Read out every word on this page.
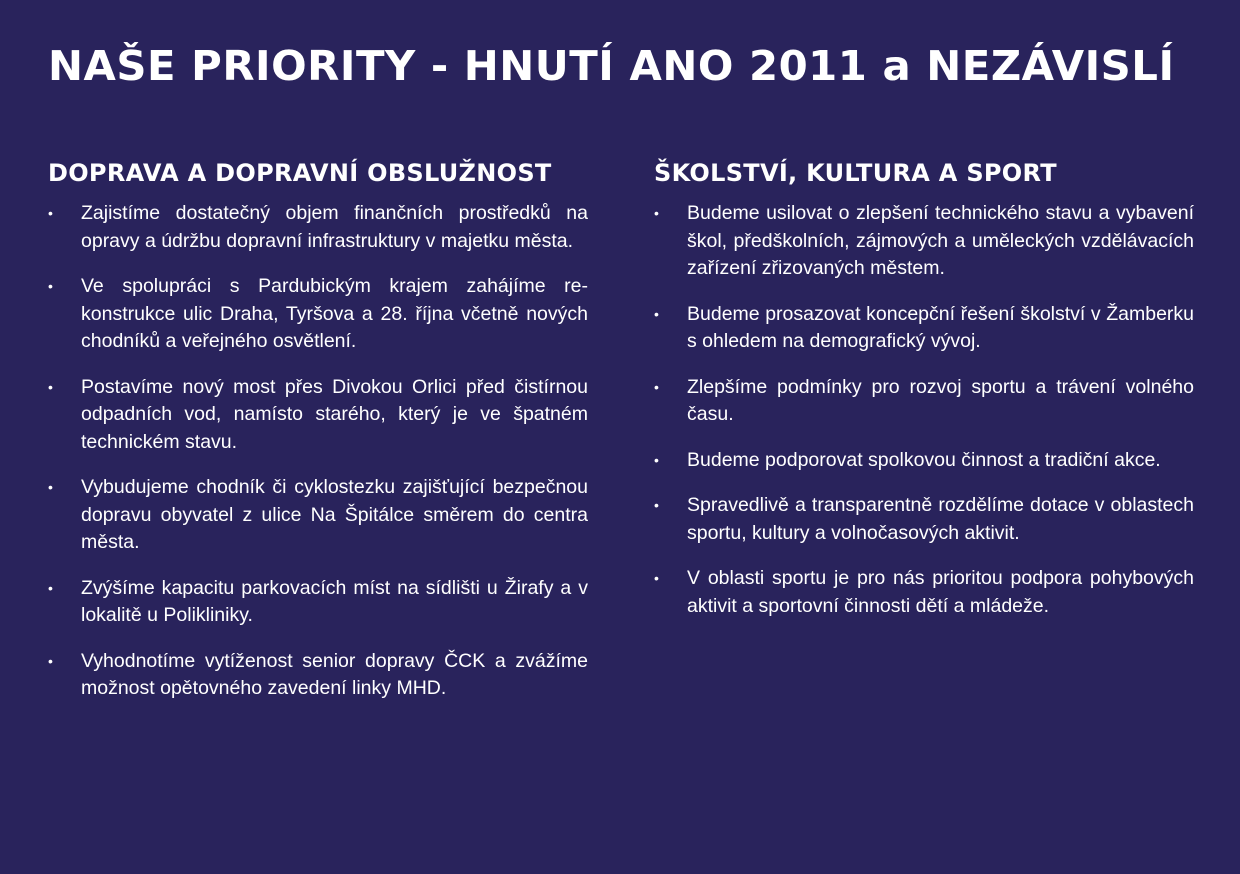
NAŠE PRIORITY - HNUTÍ ANO 2011 a NEZÁVISLÍ
DOPRAVA A DOPRAVNÍ OBSLUŽNOST
• Zajistíme dostatečný objem finančních prostředků na opravy a údržbu dopravní infrastruktury v majetku města.
• Ve spolupráci s Pardubickým krajem zahájíme rekonstrukce ulic Draha, Tyršova a 28. října včetně nových chodníků a veřejného osvětlení.
• Postavíme nový most přes Divokou Orlici před čistírnou odpadních vod, namísto starého, který je ve špatném technickém stavu.
• Vybudujeme chodník či cyklostezku zajišťující bezpečnou dopravu obyvatel z ulice Na Špitálce směrem do centra města.
• Zvýšíme kapacitu parkovacích míst na sídlišti u Žirafy a v lokalitě u Polikliniky.
• Vyhodnotíme vytíženost senior dopravy ČCK a zvážíme možnost opětovného zavedení linky MHD.
ŠKOLSTVÍ, KULTURA A SPORT
• Budeme usilovat o zlepšení technického stavu a vybavení škol, předškolních, zájmových a uměleckých vzdělávacích zařízení zřizovaných městem.
• Budeme prosazovat koncepční řešení školství v Žamberku s ohledem na demografický vývoj.
• Zlepšíme podmínky pro rozvoj sportu a trávení volného času.
• Budeme podporovat spolkovou činnost a tradiční akce.
• Spravedlivě a transparentně rozdělíme dotace v oblastech sportu, kultury a volnočasových aktivit.
• V oblasti sportu je pro nás prioritou podpora pohybových aktivit a sportovní činnosti dětí a mládeže.
